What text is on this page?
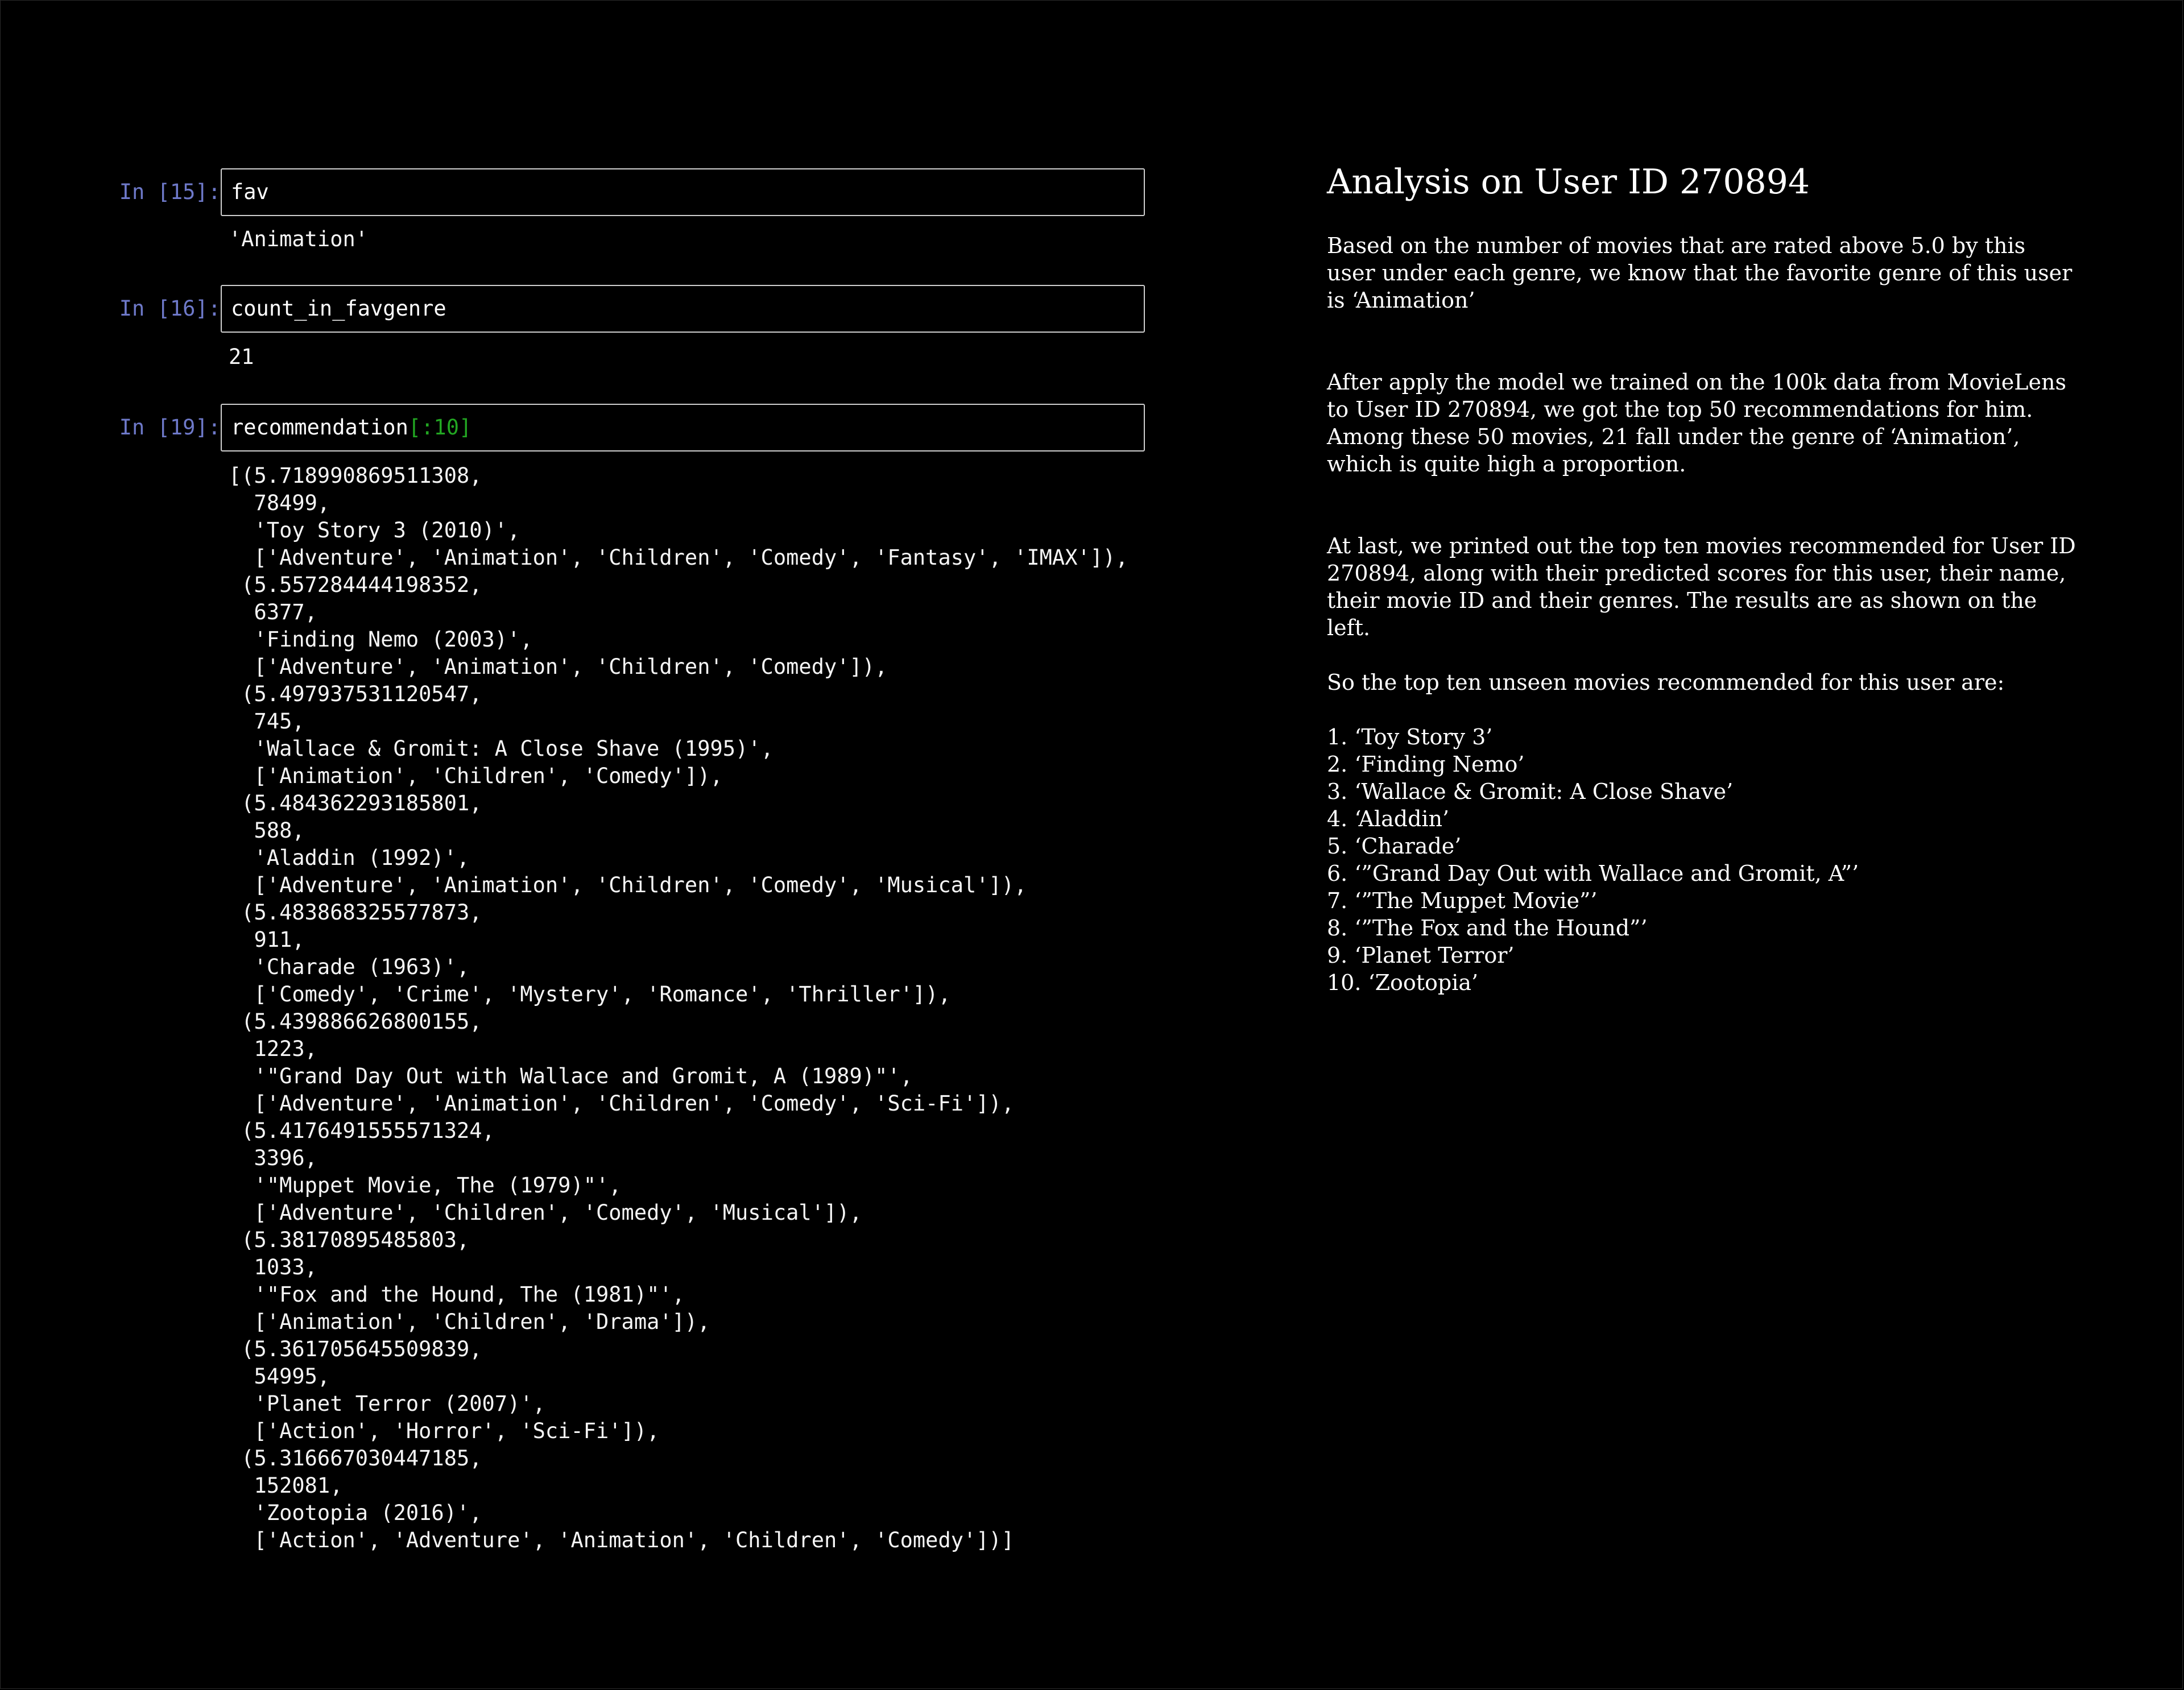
In [15]: fav
'Animation'
In [16]: count_in_favgenre
21
In [19]: recommendation[:10]
[(5.718990869511308,
78499,
'Toy Story 3 (2010)',
['Adventure', 'Animation', 'Children', 'Comedy', 'Fantasy', 'IMAX']),
(5.557284444198352,
6377,
'Finding Nemo (2003)',
['Adventure', 'Animation', 'Children', 'Comedy']),
(5.497937531120547,
745,
'Wallace & Gromit: A Close Shave (1995)',
['Animation', 'Children', 'Comedy']),
(5.484362293185801,
588,
'Aladdin (1992)',
['Adventure', 'Animation', 'Children', 'Comedy', 'Musical']),
(5.483868325577873,
911,
'Charade (1963)',
['Comedy', 'Crime', 'Mystery', 'Romance', 'Thriller']),
(5.439886626800155,
1223,
'"Grand Day Out with Wallace and Gromit, A (1989)"',
['Adventure', 'Animation', 'Children', 'Comedy', 'Sci-Fi']),
(5.4176491555571324,
3396,
'"Muppet Movie, The (1979)"',
['Adventure', 'Children', 'Comedy', 'Musical']),
(5.38170895485803,
1033,
'"Fox and the Hound, The (1981)"',
['Animation', 'Children', 'Drama']),
(5.361705645509839,
54995,
'Planet Terror (2007)',
['Action', 'Horror', 'Sci-Fi']),
(5.316667030447185,
152081,
'Zootopia (2016)',
['Action', 'Adventure', 'Animation', 'Children', 'Comedy'])]
Analysis on User ID 270894

Based on the number of movies that are rated above 5.0 by this user under each genre, we know that the favorite genre of this user is ‘Animation’

After apply the model we trained on the 100k data from MovieLens to User ID 270894, we got the top 50 recommendations for him. Among these 50 movies, 21 fall under the genre of ‘Animation’, which is quite high a proportion.

At last, we printed out the top ten movies recommended for User ID 270894, along with their predicted scores for this user, their name, their movie ID and their genres. The results are as shown on the left.

So the top ten unseen movies recommended for this user are:

1. ‘Toy Story 3’
2. ‘Finding Nemo’
3. ‘Wallace & Gromit: A Close Shave’
4. ‘Aladdin’
5. ‘Charade’
6. ‘”Grand Day Out with Wallace and Gromit, A”’
7. ‘”The Muppet Movie”’
8. ‘”The Fox and the Hound”’
9. ‘Planet Terror’
10. ‘Zootopia’
